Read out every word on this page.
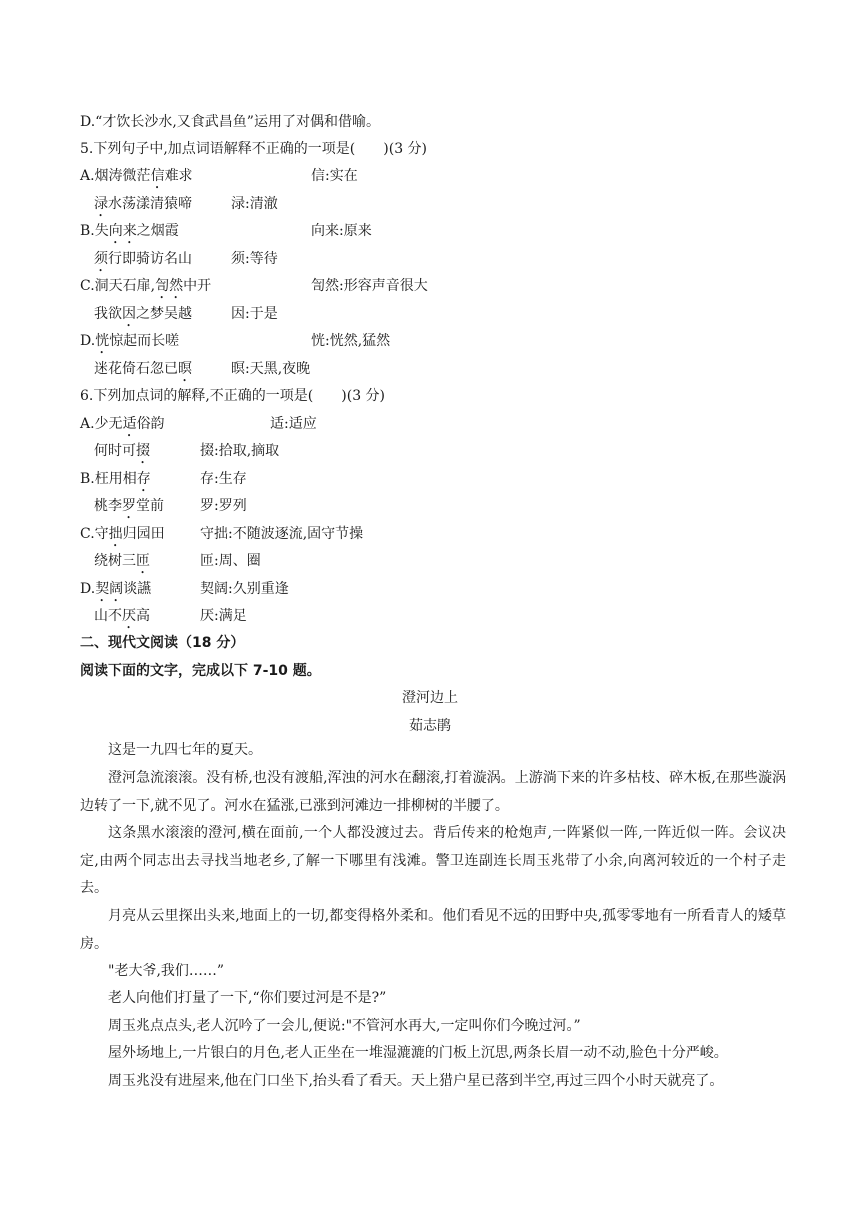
D.“才饮长沙水,又食武昌鱼”运用了对偶和借喻。
5.下列句子中,加点词语解释不正确的一项是(　　)(3 分)
A.烟涛微茫信难求	信:实在
渌水荡漾清猿啼	渌:清澈
B.失向来之烟霞	向来:原来
须行即骑访名山	须:等待
C.洞天石扉,訇然中开	訇然:形容声音很大
我欲因之梦吴越	因:于是
D.恍惊起而长嗟	恍:恍然,猛然
迷花倚石忽已暝	暝:天黑,夜晚
6.下列加点词的解释,不正确的一项是(　　)(3 分)
A.少无适俗韵	适:适应
何时可掇	掇:拾取,摘取
B.枉用相存	存:生存
桃李罗堂前	罗:罗列
C.守拙归园田	守拙:不随波逐流,固守节操
绕树三匝	匝:周、圈
D.契阔谈讌	契阔:久别重逢
山不厌高	厌:满足
二、现代文阅读（18 分）
阅读下面的文字，完成以下 7-10 题。
澄河边上
茹志鹃
这是一九四七年的夏天。
澄河急流滚滚。没有桥,也没有渡船,浑浊的河水在翻滚,打着漩涡。上游淌下来的许多枯枝、碎木板,在那些漩涡边转了一下,就不见了。河水在猛涨,已涨到河滩边一排柳树的半腰了。
这条黑水滚滚的澄河,横在面前,一个人都没渡过去。背后传来的枪炮声,一阵紧似一阵,一阵近似一阵。会议决定,由两个同志出去寻找当地老乡,了解一下哪里有浅滩。警卫连副连长周玉兆带了小余,向离河较近的一个村子走去。
月亮从云里探出头来,地面上的一切,都变得格外柔和。他们看见不远的田野中央,孤零零地有一所看青人的矮草房。
"老大爷,我们……”
老人向他们打量了一下,“你们要过河是不是?”
周玉兆点点头,老人沉吟了一会儿,便说:"不管河水再大,一定叫你们今晚过河。”
屋外场地上,一片银白的月色,老人正坐在一堆湿漉漉的门板上沉思,两条长眉一动不动,脸色十分严峻。
周玉兆没有进屋来,他在门口坐下,抬头看了看天。天上猎户星已落到半空,再过三四个小时天就亮了。
